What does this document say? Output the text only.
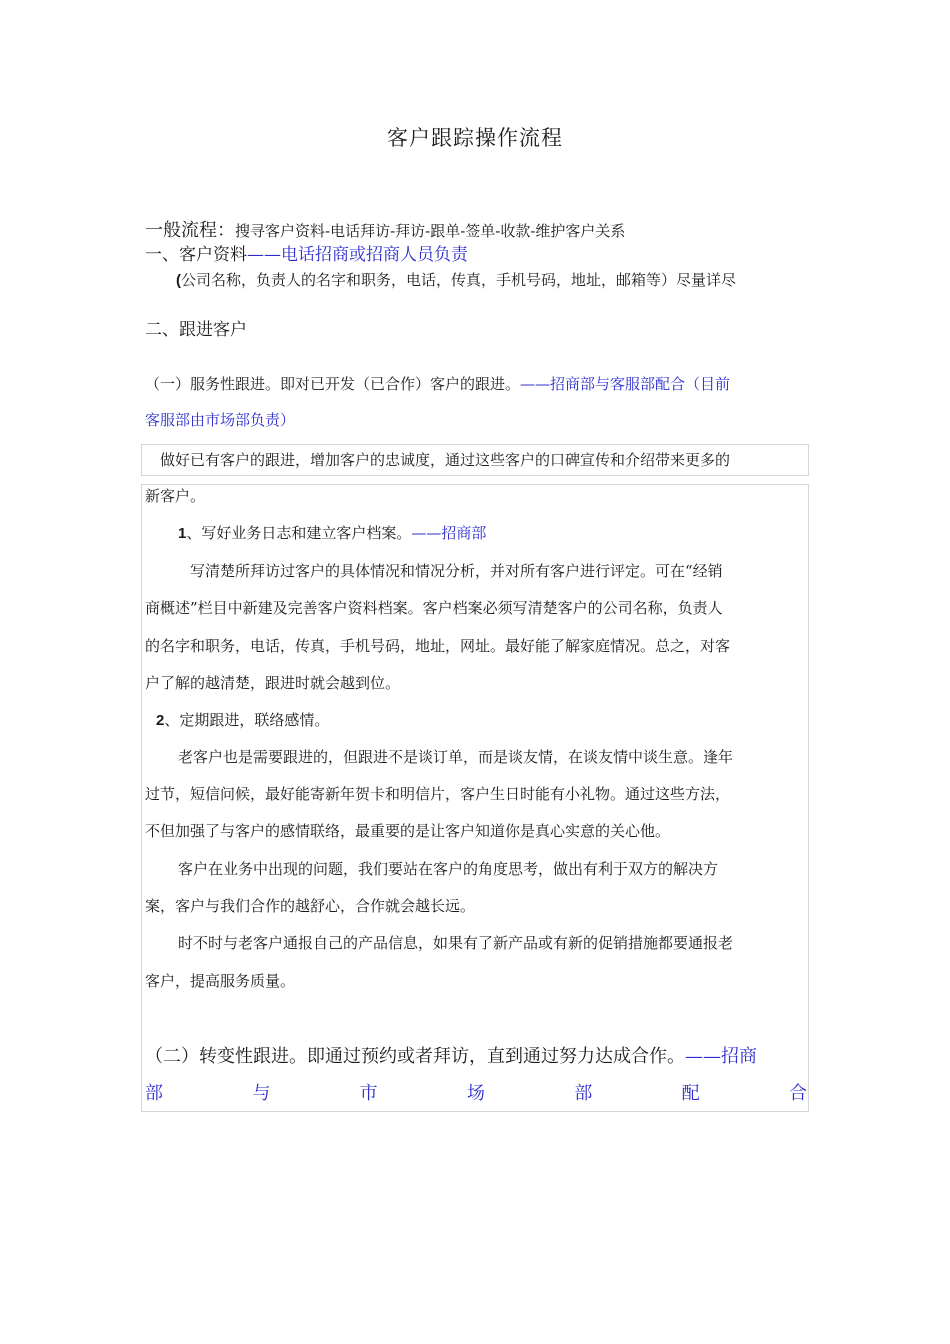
客户跟踪操作流程
一般流程：搜寻客户资料-电话拜访-拜访-跟单-签单-收款-维护客户关系
一、客户资料——电话招商或招商人员负责
(公司名称，负责人的名字和职务，电话，传真，手机号码，地址，邮箱等）尽量详尽
二、跟进客户
（一）服务性跟进。即对已开发（已合作）客户的跟进。——招商部与客服部配合（目前
客服部由市场部负责）
做好已有客户的跟进，增加客户的忠诚度，通过这些客户的口碑宣传和介绍带来更多的
新客户。
1、写好业务日志和建立客户档案。——招商部
写清楚所拜访过客户的具体情况和情况分析，并对所有客户进行评定。可在“经销
商概述”栏目中新建及完善客户资料档案。客户档案必须写清楚客户的公司名称，负责人
的名字和职务，电话，传真，手机号码，地址，网址。最好能了解家庭情况。总之，对客
户了解的越清楚，跟进时就会越到位。
2、定期跟进，联络感情。
老客户也是需要跟进的，但跟进不是谈订单，而是谈友情，在谈友情中谈生意。逢年
过节，短信问候，最好能寄新年贺卡和明信片，客户生日时能有小礼物。通过这些方法，
不但加强了与客户的感情联络，最重要的是让客户知道你是真心实意的关心他。
客户在业务中出现的问题，我们要站在客户的角度思考，做出有利于双方的解决方
案，客户与我们合作的越舒心，合作就会越长远。
时不时与老客户通报自己的产品信息，如果有了新产品或有新的促销措施都要通报老
客户，提高服务质量。
（二）转变性跟进。即通过预约或者拜访，直到通过努力达成合作。——招商
部	与	市	场	部	配	合
